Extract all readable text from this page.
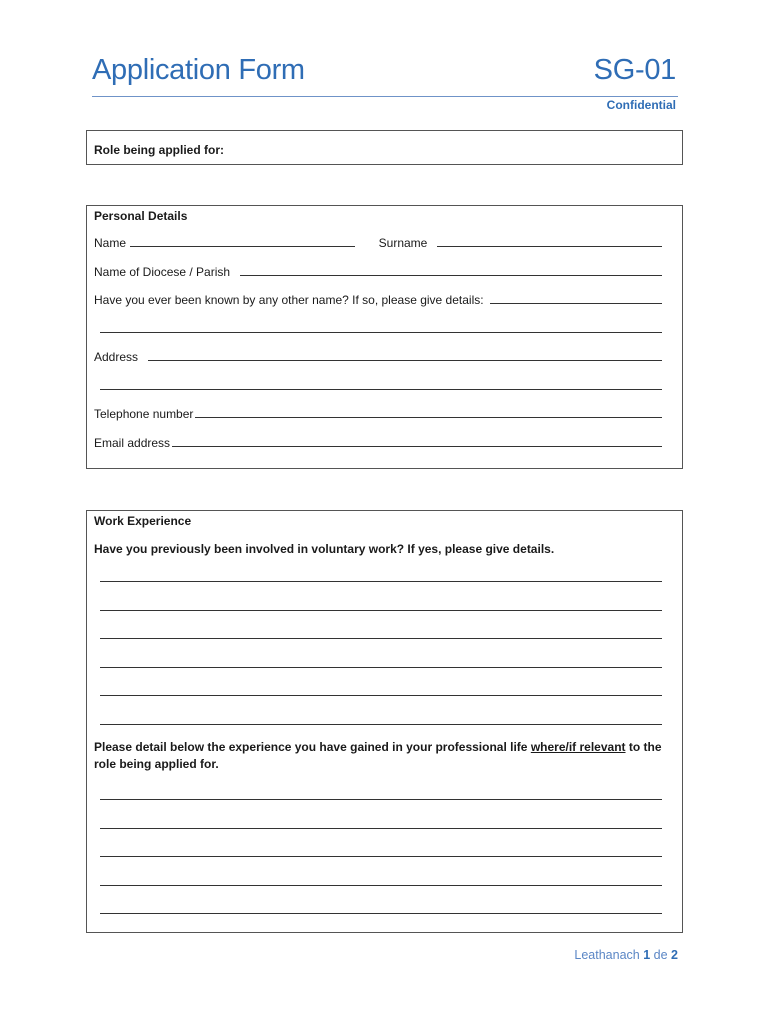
Application Form	SG-01
Confidential
Role being applied for:
Personal Details
Name	Surname
Name of Diocese / Parish
Have you ever been known by any other name? If so, please give details:
Address
Telephone number
Email address
Work Experience
Have you previously been involved in voluntary work? If yes, please give details.
Please detail below the experience you have gained in your professional life where/if relevant to the role being applied for.
Leathanach 1 de 2
